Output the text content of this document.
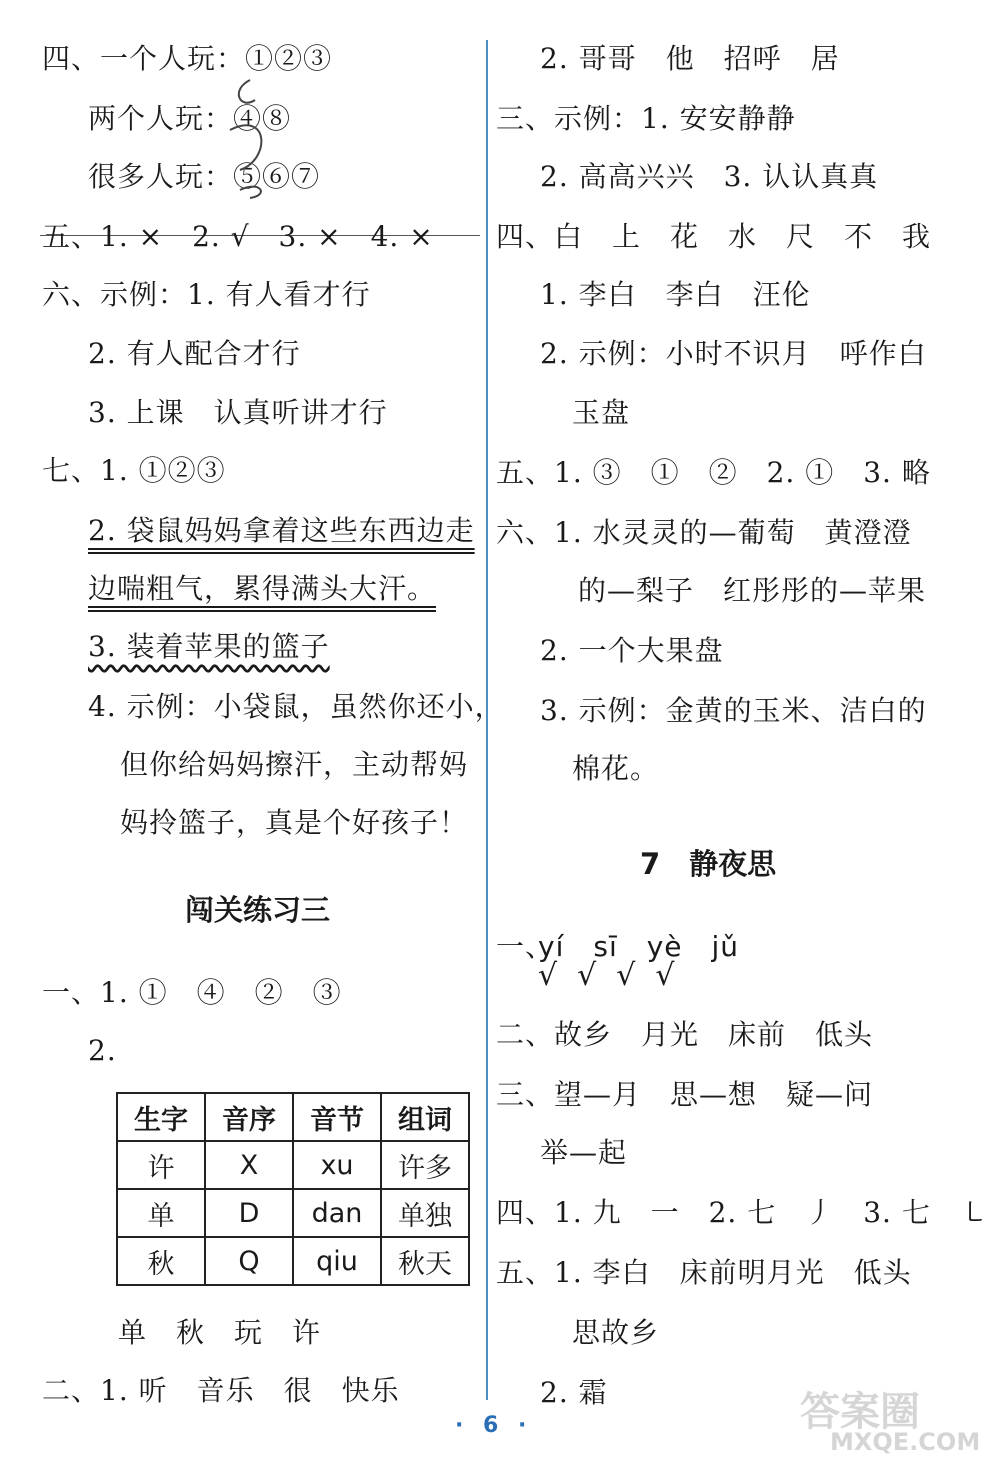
四、一个人玩：①②③
两个人玩：④⑧
很多人玩：⑤⑥⑦
五、1. ×　2. √　3. ×　4. ×
六、示例：1. 有人看才行
2. 有人配合才行
3. 上课　认真听讲才行
七、1. ①②③
2. 袋鼠妈妈拿着这些东西边走
边喘粗气，累得满头大汗。
3. 装着苹果的篮子
4. 示例：小袋鼠，虽然你还小，
但你给妈妈擦汗，主动帮妈
妈拎篮子，真是个好孩子！
闯关练习三
一、1. ①　④　②　③
2.
生字	音序	音节	组词
许	X	xu	许多
单	D	dan	单独
秋	Q	qiu	秋天
单　秋　玩　许
二、1. 听　音乐　很　快乐
2. 哥哥　他　招呼　居
三、示例：1. 安安静静
2. 高高兴兴　3. 认认真真
四、白　上　花　水　尺　不　我
1. 李白　李白　汪伦
2. 示例：小时不识月　呼作白
玉盘
五、1. ③　①　②　2. ①　3. 略
六、1. 水灵灵的—葡萄　黄澄澄
的—梨子　红彤彤的—苹果
2. 一个大果盘
3. 示例：金黄的玉米、洁白的
棉花。
7　静夜思
一、
yí　sī　yè　jǔ
√√√√
二、故乡　月光　床前　低头
三、望—月　思—想　疑—问
举—起
四、1. 九　一　2. 七　丿　3. 七　㇄
五、1. 李白　床前明月光　低头
思故乡
2. 霜
· 6 ·	答案圈
MXQE.COM
